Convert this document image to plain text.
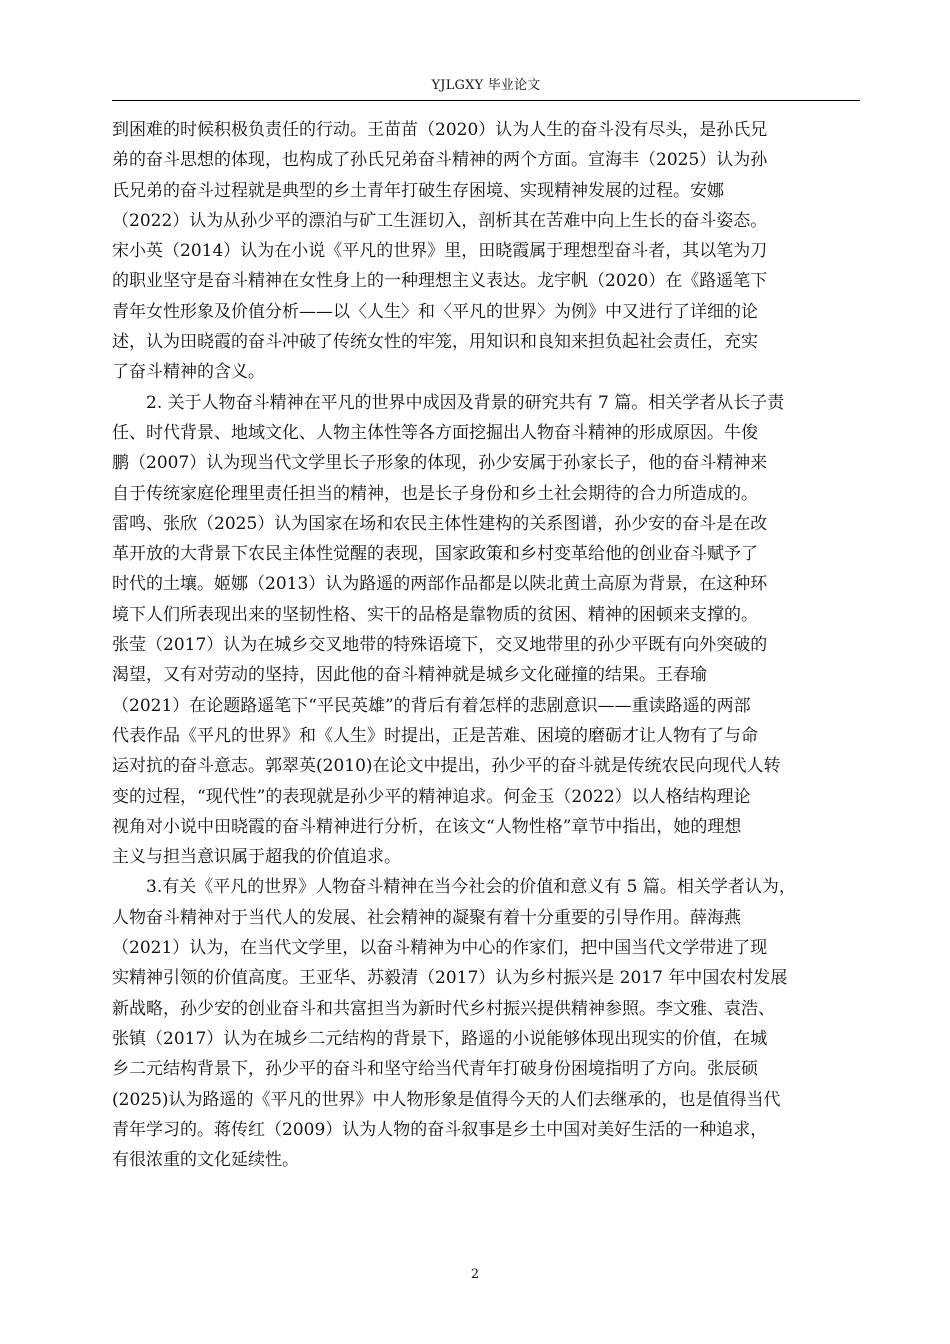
YJLGXY 毕业论文

到困难的时候积极负责任的行动。王苗苗（2020）认为人生的奋斗没有尽头，是孙氏兄
弟的奋斗思想的体现，也构成了孙氏兄弟奋斗精神的两个方面。宣海丰（2025）认为孙
氏兄弟的奋斗过程就是典型的乡土青年打破生存困境、实现精神发展的过程。安娜
（2022）认为从孙少平的漂泊与矿工生涯切入，剖析其在苦难中向上生长的奋斗姿态。
宋小英（2014）认为在小说《平凡的世界》里，田晓霞属于理想型奋斗者，其以笔为刀
的职业坚守是奋斗精神在女性身上的一种理想主义表达。龙宇帆（2020）在《路遥笔下
青年女性形象及价值分析——以〈人生〉和〈平凡的世界〉为例》中又进行了详细的论
述，认为田晓霞的奋斗冲破了传统女性的牢笼，用知识和良知来担负起社会责任，充实
了奋斗精神的含义。

2. 关于人物奋斗精神在平凡的世界中成因及背景的研究共有 7 篇。相关学者从长子责
任、时代背景、地域文化、人物主体性等各方面挖掘出人物奋斗精神的形成原因。牛俊
鹏（2007）认为现当代文学里长子形象的体现，孙少安属于孙家长子，他的奋斗精神来
自于传统家庭伦理里责任担当的精神，也是长子身份和乡土社会期待的合力所造成的。
雷鸣、张欣（2025）认为国家在场和农民主体性建构的关系图谱，孙少安的奋斗是在改
革开放的大背景下农民主体性觉醒的表现，国家政策和乡村变革给他的创业奋斗赋予了
时代的土壤。姬娜（2013）认为路遥的两部作品都是以陕北黄土高原为背景，在这种环
境下人们所表现出来的坚韧性格、实干的品格是靠物质的贫困、精神的困顿来支撑的。
张莹（2017）认为在城乡交叉地带的特殊语境下，交叉地带里的孙少平既有向外突破的
渴望，又有对劳动的坚持，因此他的奋斗精神就是城乡文化碰撞的结果。王春瑜
（2021）在论题路遥笔下“平民英雄”的背后有着怎样的悲剧意识——重读路遥的两部
代表作品《平凡的世界》和《人生》时提出，正是苦难、困境的磨砺才让人物有了与命
运对抗的奋斗意志。郭翠英(2010)在论文中提出，孙少平的奋斗就是传统农民向现代人转
变的过程，“现代性”的表现就是孙少平的精神追求。何金玉（2022）以人格结构理论
视角对小说中田晓霞的奋斗精神进行分析，在该文“人物性格”章节中指出，她的理想
主义与担当意识属于超我的价值追求。

3.有关《平凡的世界》人物奋斗精神在当今社会的价值和意义有 5 篇。相关学者认为，
人物奋斗精神对于当代人的发展、社会精神的凝聚有着十分重要的引导作用。薛海燕
（2021）认为，在当代文学里，以奋斗精神为中心的作家们，把中国当代文学带进了现
实精神引领的价值高度。王亚华、苏毅清（2017）认为乡村振兴是 2017 年中国农村发展
新战略，孙少安的创业奋斗和共富担当为新时代乡村振兴提供精神参照。李文雅、袁浩、
张镇（2017）认为在城乡二元结构的背景下，路遥的小说能够体现出现实的价值，在城
乡二元结构背景下，孙少平的奋斗和坚守给当代青年打破身份困境指明了方向。张辰硕
(2025)认为路遥的《平凡的世界》中人物形象是值得今天的人们去继承的，也是值得当代
青年学习的。蒋传红（2009）认为人物的奋斗叙事是乡土中国对美好生活的一种追求，
有很浓重的文化延续性。

2
